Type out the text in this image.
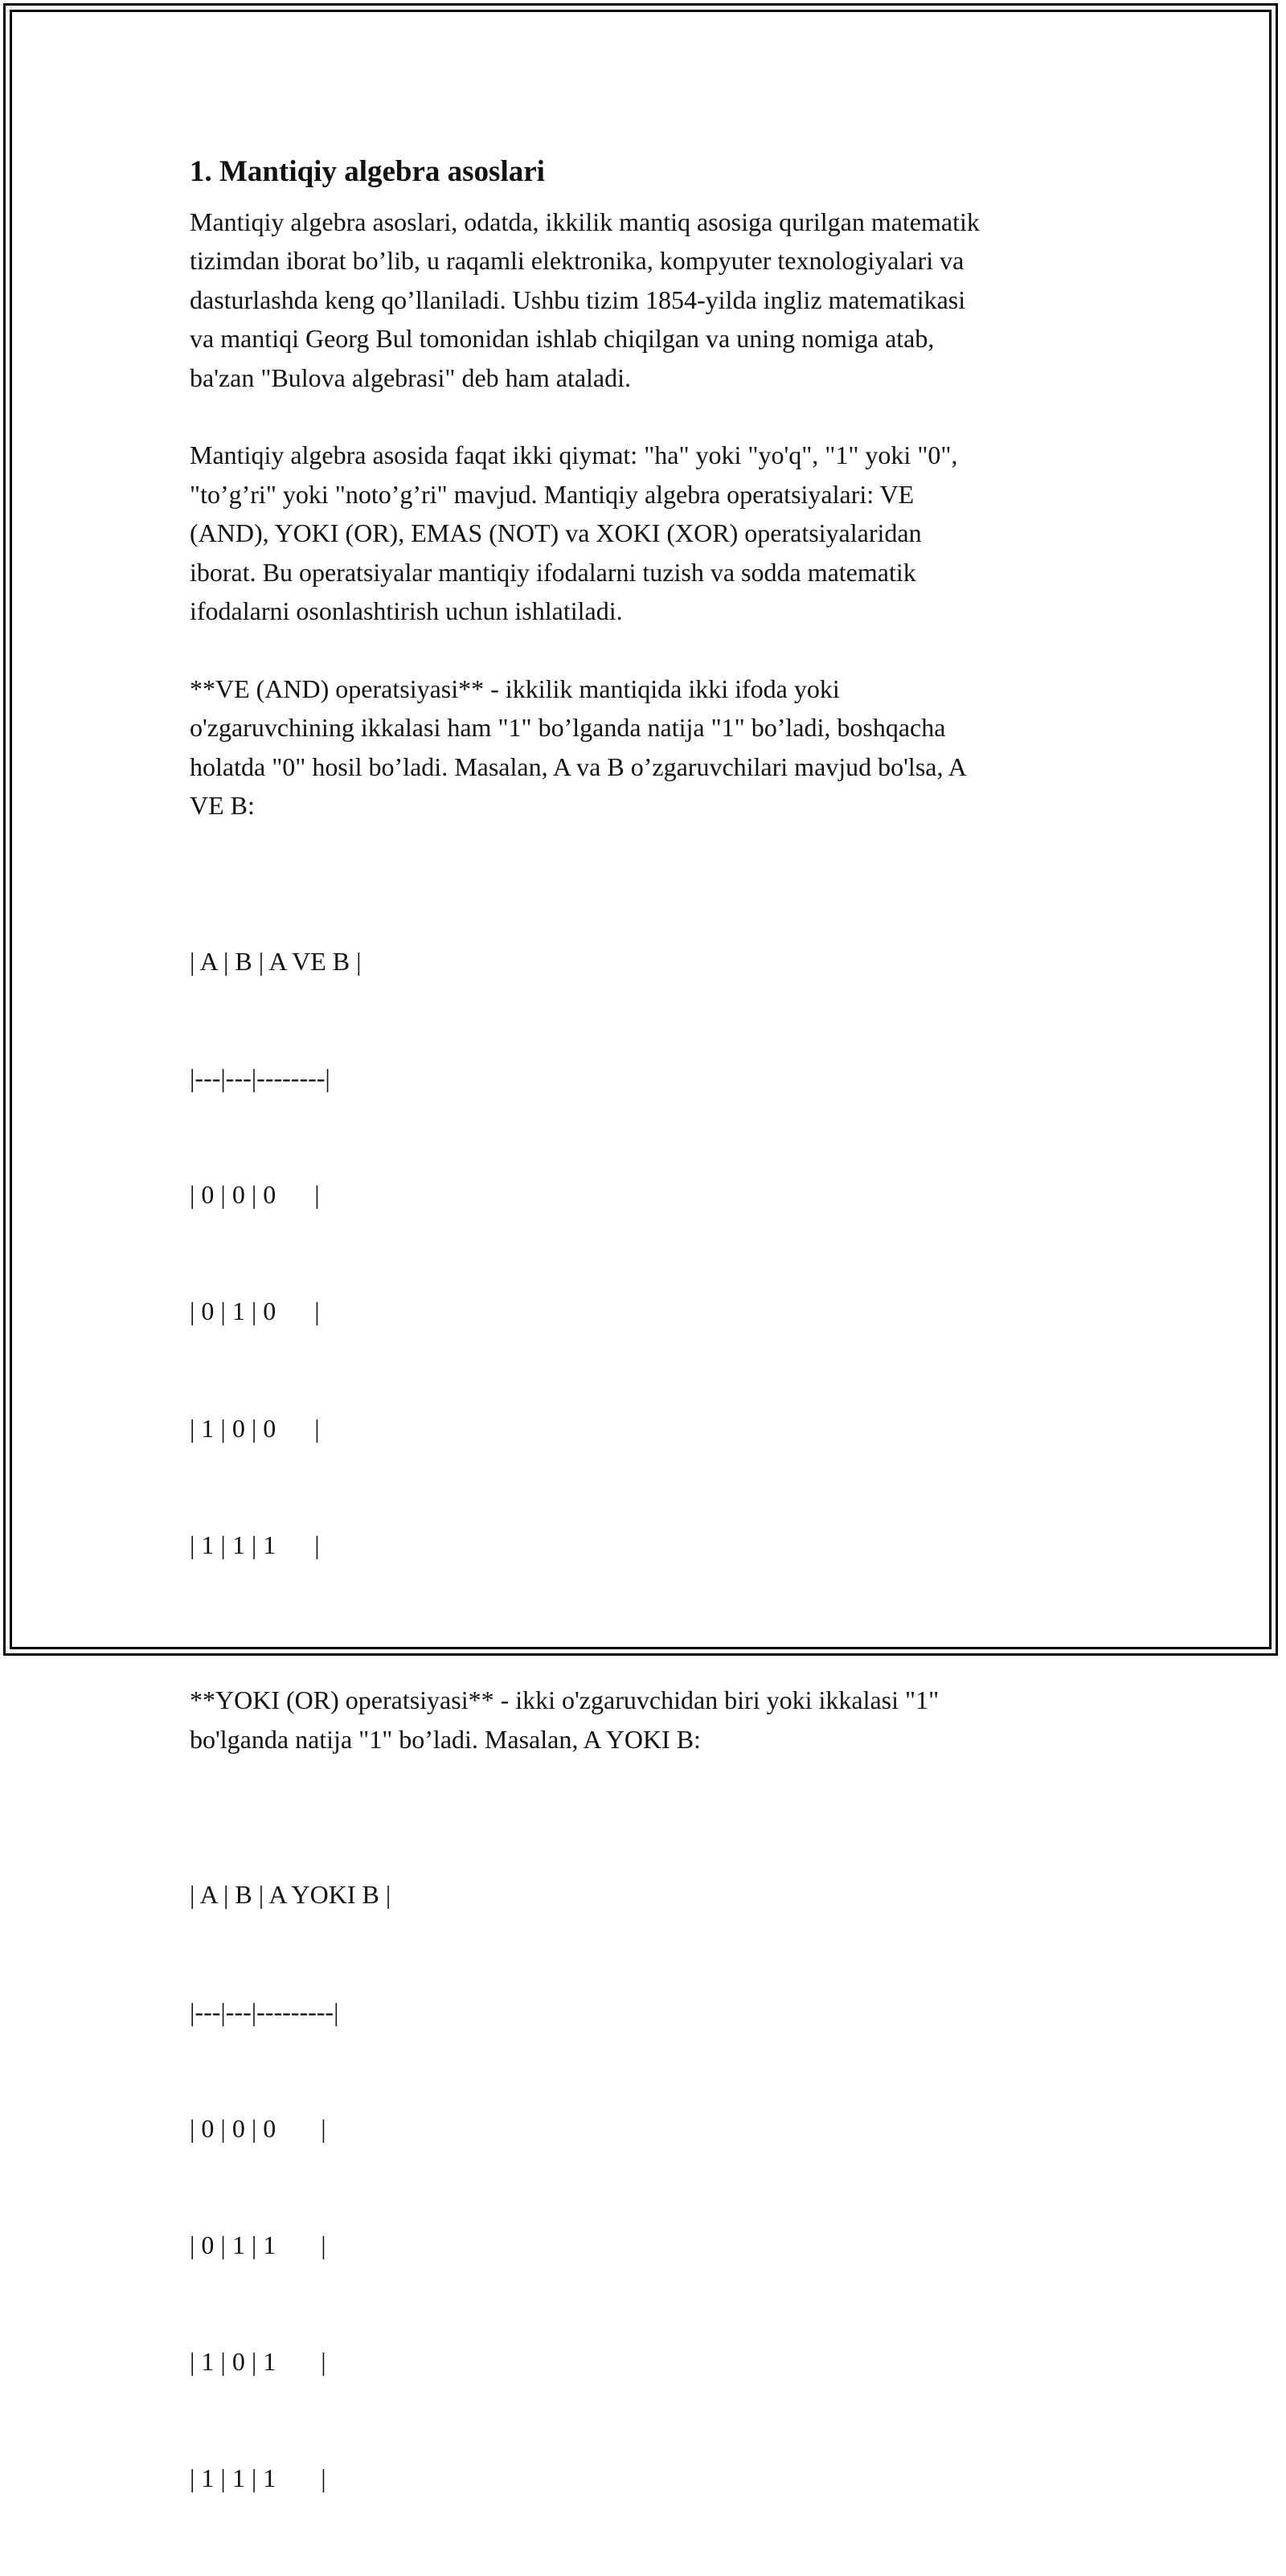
1. Mantiqiy algebra asoslari

Mantiqiy algebra asoslari, odatda, ikkilik mantiq asosiga qurilgan matematik
tizimdan iborat bo’lib, u raqamli elektronika, kompyuter texnologiyalari va
dasturlashda keng qo’llaniladi. Ushbu tizim 1854-yilda ingliz matematikasi
va mantiqi Georg Bul tomonidan ishlab chiqilgan va uning nomiga atab,
ba'zan "Bulova algebrasi" deb ham ataladi.

Mantiqiy algebra asosida faqat ikki qiymat: "ha" yoki "yo'q", "1" yoki "0",
"to’g’ri" yoki "noto’g’ri" mavjud. Mantiqiy algebra operatsiyalari: VE
(AND), YOKI (OR), EMAS (NOT) va XOKI (XOR) operatsiyalaridan
iborat. Bu operatsiyalar mantiqiy ifodalarni tuzish va sodda matematik
ifodalarni osonlashtirish uchun ishlatiladi.

**VE (AND) operatsiyasi** - ikkilik mantiqida ikki ifoda yoki
o'zgaruvchining ikkalasi ham "1" bo’lganda natija "1" bo’ladi, boshqacha
holatda "0" hosil bo’ladi. Masalan, A va B o’zgaruvchilari mavjud bo'lsa, A
VE B:

| A | B | A VE B |

|---|---|--------|

| 0 | 0 | 0      |

| 0 | 1 | 0      |

| 1 | 0 | 0      |

| 1 | 1 | 1      |

**YOKI (OR) operatsiyasi** - ikki o'zgaruvchidan biri yoki ikkalasi "1"
bo'lganda natija "1" bo’ladi. Masalan, A YOKI B:

| A | B | A YOKI B |

|---|---|---------|

| 0 | 0 | 0       |

| 0 | 1 | 1       |

| 1 | 0 | 1       |

| 1 | 1 | 1       |
